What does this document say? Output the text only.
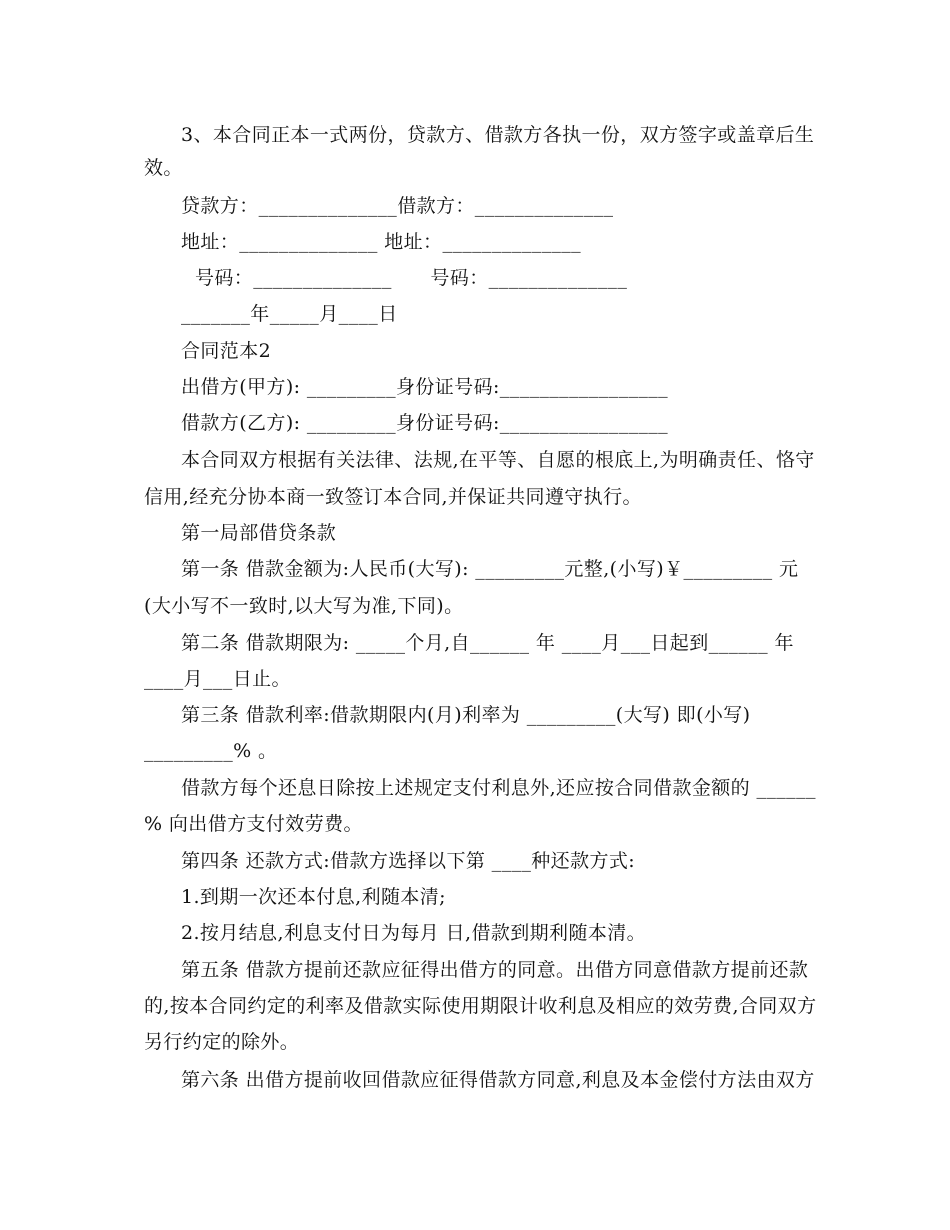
3、本合同正本一式两份，贷款方、借款方各执一份，双方签字或盖章后生
效。
贷款方：______________借款方：______________
地址：______________ 地址：______________
号码：______________      号码：______________
_______年_____月____日
合同范本2
出借方(甲方): _________身份证号码:_________________
借款方(乙方): _________身份证号码:_________________
本合同双方根据有关法律、法规,在平等、自愿的根底上,为明确责任、恪守
信用,经充分协本商一致签订本合同,并保证共同遵守执行。
第一局部借贷条款
第一条 借款金额为:人民币(大写): _________元整,(小写)￥_________ 元
(大小写不一致时,以大写为准,下同)。
第二条 借款期限为: _____个月,自______ 年 ____月___日起到______ 年
____月___日止。
第三条 借款利率:借款期限内(月)利率为 _________(大写) 即(小写)
_________% 。
借款方每个还息日除按上述规定支付利息外,还应按合同借款金额的 ______
% 向出借方支付效劳费。
第四条 还款方式:借款方选择以下第 ____种还款方式:
1.到期一次还本付息,利随本清;
2.按月结息,利息支付日为每月 日,借款到期利随本清。
第五条 借款方提前还款应征得出借方的同意。出借方同意借款方提前还款
的,按本合同约定的利率及借款实际使用期限计收利息及相应的效劳费,合同双方
另行约定的除外。
第六条 出借方提前收回借款应征得借款方同意,利息及本金偿付方法由双方
